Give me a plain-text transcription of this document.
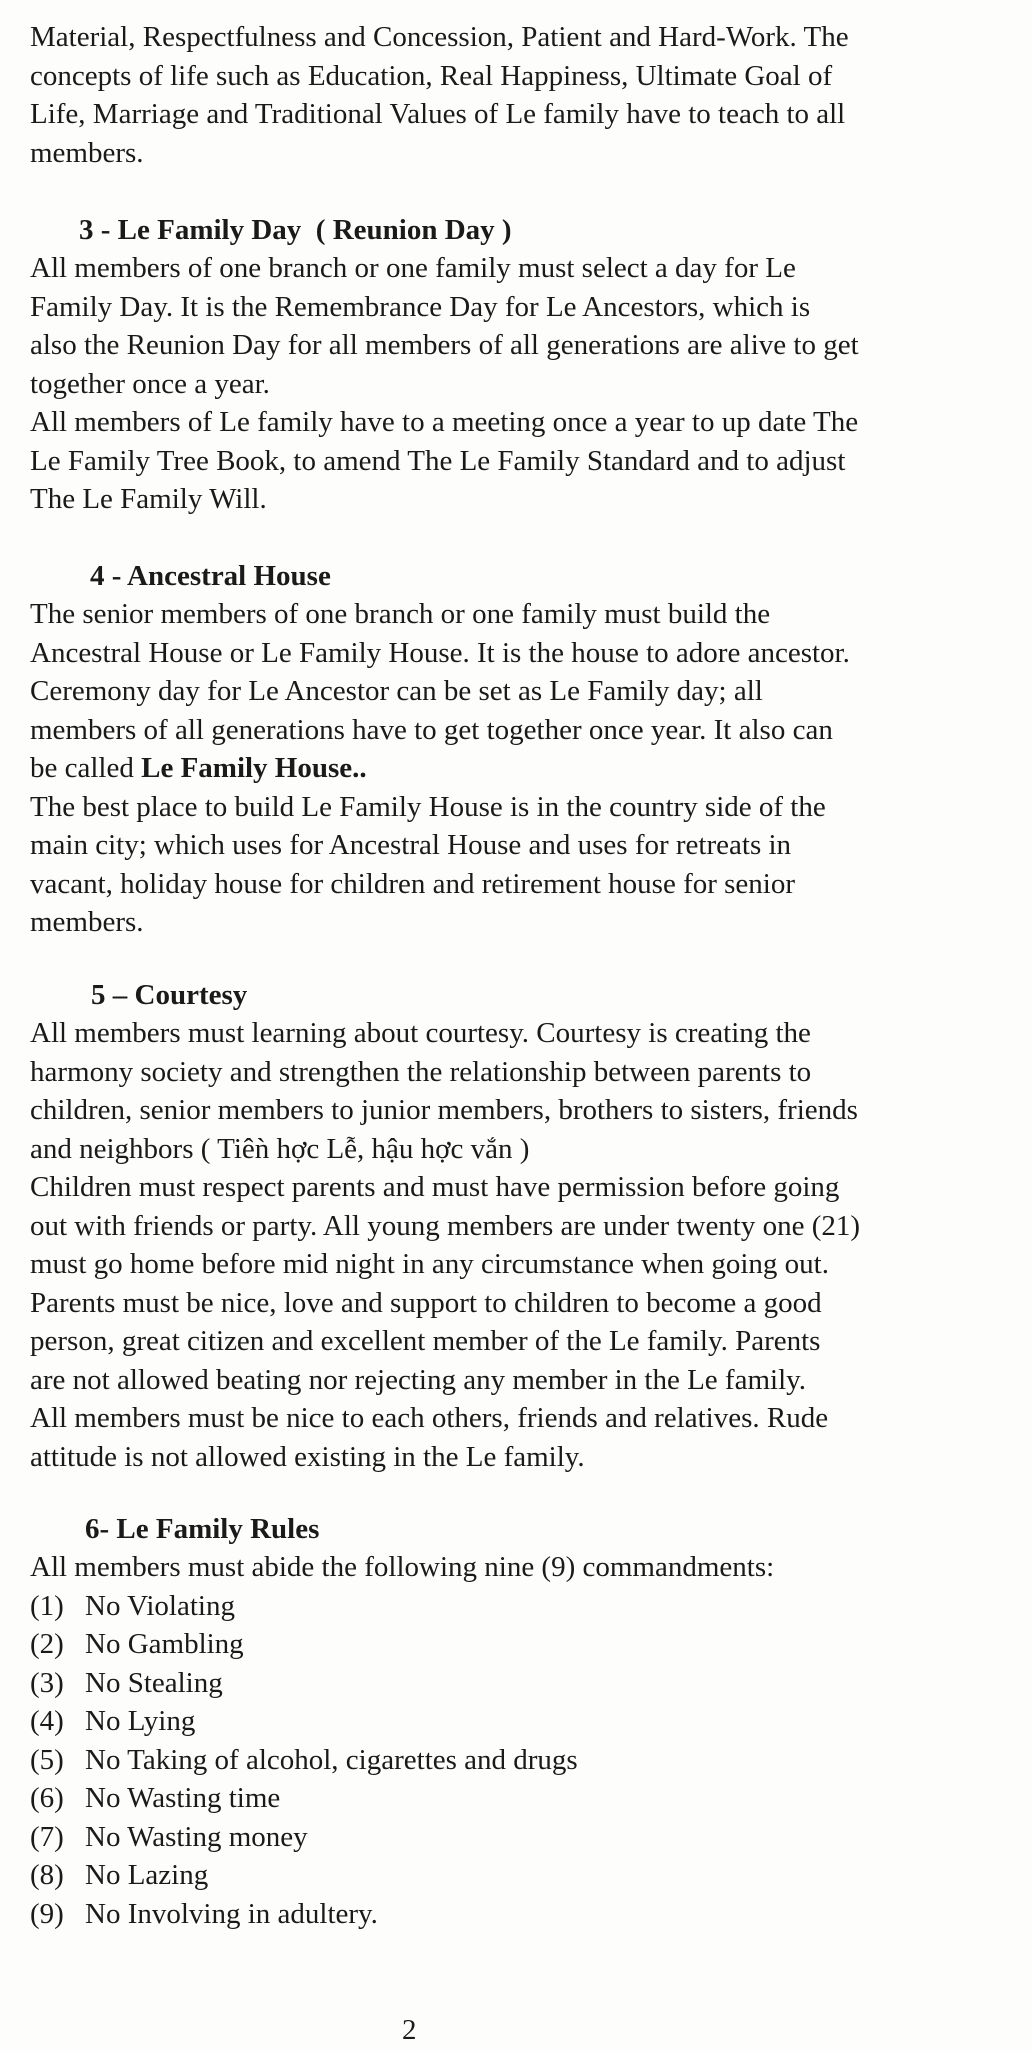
Material, Respectfulness and Concession, Patient and Hard-Work. The

concepts of life such as Education, Real Happiness, Ultimate Goal of

Life, Marriage and Traditional Values of Le family have to teach to all

members.

3 - Le Family Day  ( Reunion Day )

All members of one branch or one family must select a day for Le

Family Day. It is the Remembrance Day for Le Ancestors, which is

also the Reunion Day for all members of all generations are alive to get

together once a year.

All members of Le family have to a meeting once a year to up date The

Le Family Tree Book, to amend The Le Family Standard and to adjust

The Le Family Will.

4 - Ancestral House

The senior members of one branch or one family must build the

Ancestral House or Le Family House. It is the house to adore ancestor.

Ceremony day for Le Ancestor can be set as Le Family day; all

members of all generations have to get together once year. It also can

be called Le Family House..

The best place to build Le Family House is in the country side of the

main city; which uses for Ancestral House and uses for retreats in

vacant, holiday house for children and retirement house for senior

members.

5 – Courtesy

All members must learning about courtesy. Courtesy is creating the

harmony society and strengthen the relationship between parents to

children, senior members to junior members, brothers to sisters, friends

and neighbors ( Tiêǹ hợc Lễ, hậu hợc vắn )

Children must respect parents and must have permission before going

out with friends or party. All young members are under twenty one (21)

must go home before mid night in any circumstance when going out.

Parents must be nice, love and support to children to become a good

person, great citizen and excellent member of the Le family. Parents

are not allowed beating nor rejecting any member in the Le family.

All members must be nice to each others, friends and relatives. Rude

attitude is not allowed existing in the Le family.

6- Le Family Rules

All members must abide the following nine (9) commandments:

(1) No Violating
(2) No Gambling
(3) No Stealing
(4) No Lying
(5) No Taking of alcohol, cigarettes and drugs
(6) No Wasting time
(7) No Wasting money
(8) No Lazing
(9) No Involving in adultery.
2
